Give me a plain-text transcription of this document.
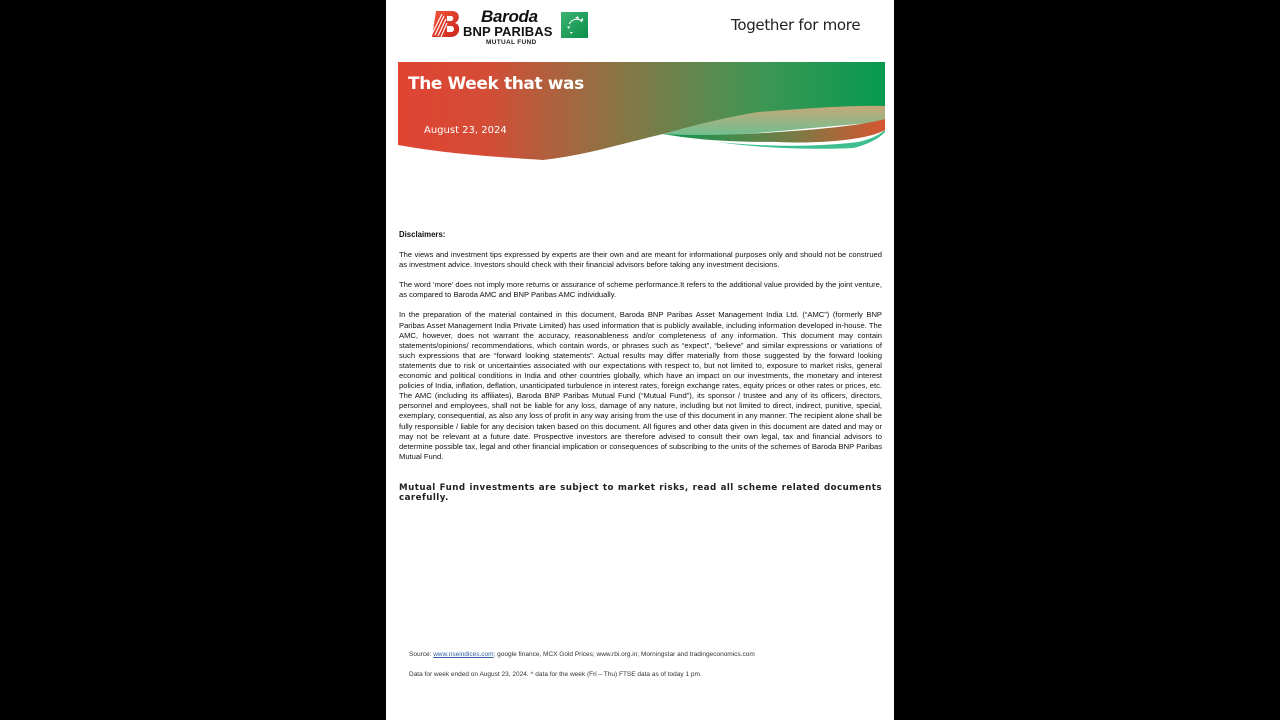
Baroda
BNP PARIBAS
MUTUAL FUND
Together for more
The Week that was
August 23, 2024
Disclaimers:

The views and investment tips expressed by experts are their own and are meant for informational purposes only and should not be construed as investment advice. Investors should check with their financial advisors before taking any investment decisions.

The word ‘more’ does not imply more returns or assurance of scheme performance.It refers to the additional value provided by the joint venture, as compared to Baroda AMC and BNP Paribas AMC individually.

In the preparation of the material contained in this document, Baroda BNP Paribas Asset Management India Ltd. (“AMC”) (formerly BNP Paribas Asset Management India Private Limited) has used information that is publicly available, including information developed in-house. The AMC, however, does not warrant the accuracy, reasonableness and/or completeness of any information. This document may contain statements/opinions/ recommendations, which contain words, or phrases such as “expect”, “believe” and similar expressions or variations of such expressions that are “forward looking statements”. Actual results may differ materially from those suggested by the forward looking statements due to risk or uncertainties associated with our expectations with respect to, but not limited to, exposure to market risks, general economic and political conditions in India and other countries globally, which have an impact on our investments, the monetary and interest policies of India, inflation, deflation, unanticipated turbulence in interest rates, foreign exchange rates, equity prices or other rates or prices, etc. The AMC (including its affiliates), Baroda BNP Paribas Mutual Fund (“Mutual Fund”), its sponsor / trustee and any of its officers, directors, personnel and employees, shall not be liable for any loss, damage of any nature, including but not limited to direct, indirect, punitive, special, exemplary, consequential, as also any loss of profit in any way arising from the use of this document in any manner. The recipient alone shall be fully responsible / liable for any decision taken based on this document. All figures and other data given in this document are dated and may or may not be relevant at a future date. Prospective investors are therefore advised to consult their own legal, tax and financial advisors to determine possible tax, legal and other financial implication or consequences of subscribing to the units of the schemes of Baroda BNP Paribas Mutual Fund.

Mutual Fund investments are subject to market risks, read all scheme related documents carefully.
Source: www.nseindices.com; google finance, MCX Gold Prices; www.rbi.org.in; Morningstar and tradingeconomics.com
Data for week ended on August 23, 2024. ^ data for the week (Fri – Thu) FTSE data as of today 1 pm.
